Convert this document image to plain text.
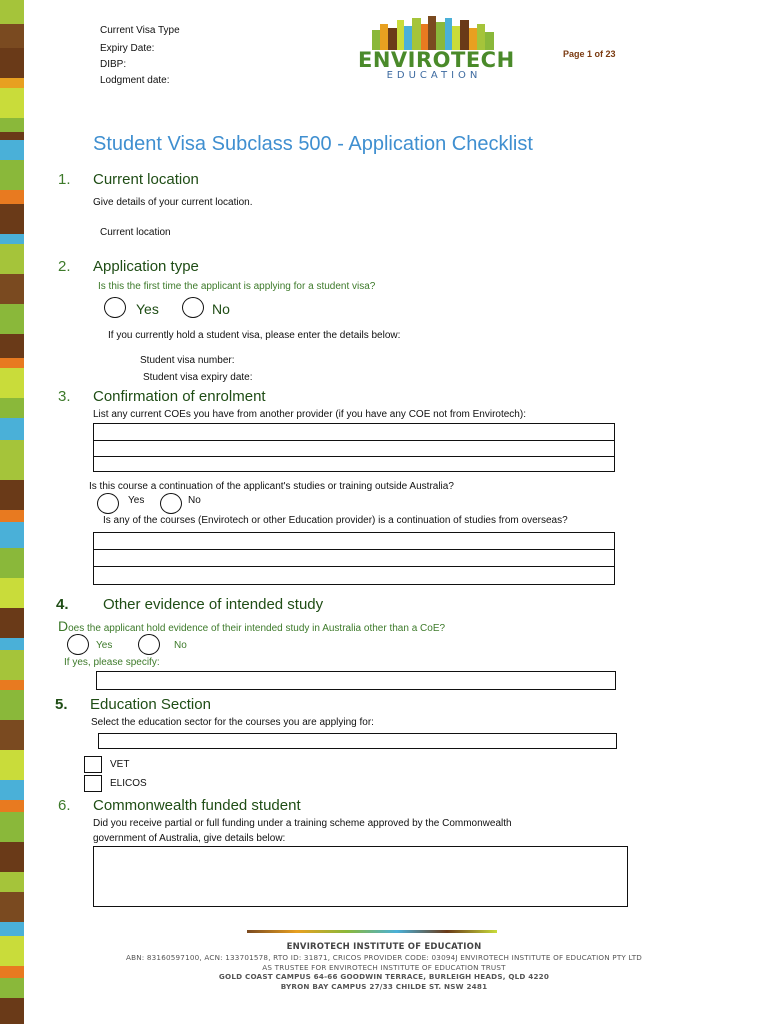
Current Visa Type
Expiry Date:
DIBP:
Lodgment date:
ENVIROTECH
EDUCATION
Page 1 of 23
Student Visa Subclass 500 - Application Checklist
1. Current location
Give details of your current location.
Current location
2. Application type
Is this the first time the applicant is applying for a student visa?
Yes	No
If you currently hold a student visa, please enter the details below:
Student visa number:
Student visa expiry date:
3. Confirmation of enrolment
List any current COEs you have from another provider (if you have any COE not from Envirotech):
Is this course a continuation of the applicant's studies or training outside Australia?
Yes	No
Is any of the courses (Envirotech or other Education provider) is a continuation of studies from overseas?
4. Other evidence of intended study
Does the applicant hold evidence of their intended study in Australia other than a CoE?
Yes	No
If yes, please specify:
5. Education Section
Select the education sector for the courses you are applying for:
VET
ELICOS
6. Commonwealth funded student
Did you receive partial or full funding under a training scheme approved by the Commonwealth
government of Australia, give details below:
ENVIROTECH INSTITUTE OF EDUCATION
ABN: 83160597100, ACN: 133701578, RTO ID: 31871, CRICOS PROVIDER CODE: 03094J ENVIROTECH INSTITUTE OF EDUCATION PTY LTD
AS TRUSTEE FOR ENVIROTECH INSTITUTE OF EDUCATION TRUST
GOLD COAST CAMPUS 64-66 GOODWIN TERRACE, BURLEIGH HEADS, QLD 4220
BYRON BAY CAMPUS 27/33 CHILDE ST. NSW 2481
